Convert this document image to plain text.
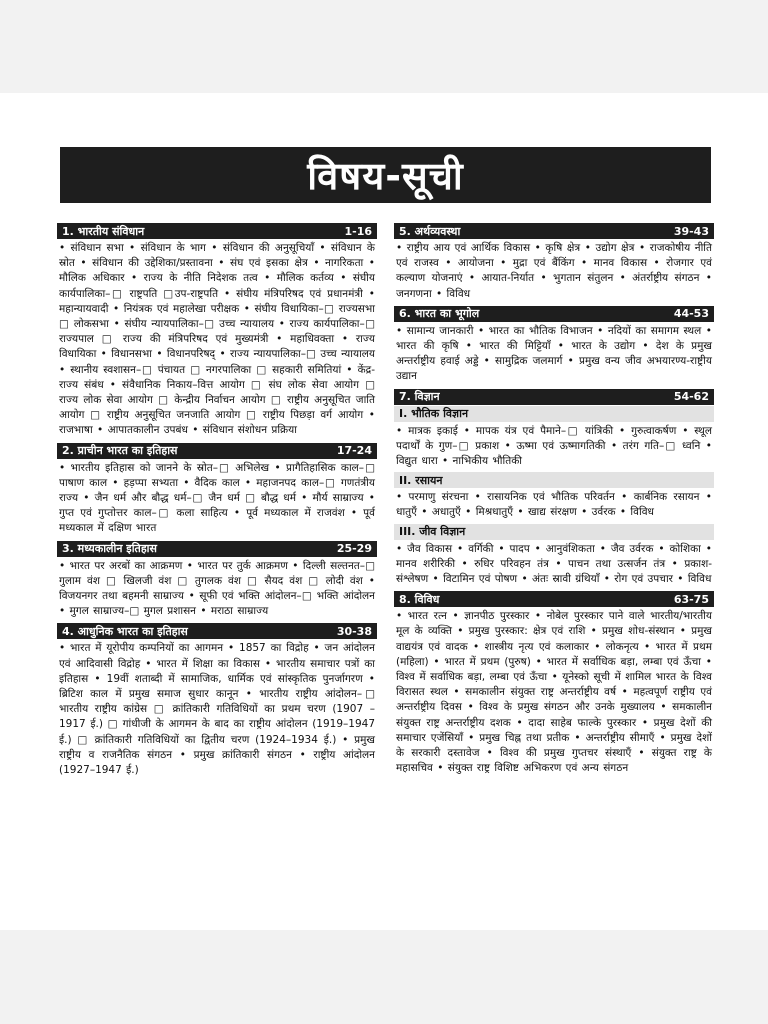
विषय-सूची
1. भारतीय संविधान	1-16

• संविधान सभा • संविधान के भाग • संविधान की अनुसूचियाँ • संविधान के स्रोत • संविधान की उद्देशिका/प्रस्तावना • संघ एवं इसका क्षेत्र • नागरिकता • मौलिक अधिकार • राज्य के नीति निदेशक तत्व • मौलिक कर्तव्य • संघीय कार्यपालिका–□ राष्ट्रपति □उप-राष्ट्रपति • संघीय मंत्रिपरिषद एवं प्रधानमंत्री • महान्यायवादी • नियंत्रक एवं महालेखा परीक्षक • संघीय विधायिका–□ राज्यसभा □ लोकसभा • संघीय न्यायपालिका–□ उच्च न्यायालय • राज्य कार्यपालिका–□ राज्यपाल □ राज्य की मंत्रिपरिषद एवं मुख्यमंत्री • महाधिवक्ता • राज्य विधायिका • विधानसभा • विधानपरिषद् • राज्य न्यायपालिका–□ उच्च न्यायालय • स्थानीय स्वशासन–□ पंचायत □ नगरपालिका □ सहकारी समितियां • केंद्र-राज्य संबंध • संवैधानिक निकाय–वित्त आयोग □ संघ लोक सेवा आयोग □ राज्य लोक सेवा आयोग □ केन्द्रीय निर्वाचन आयोग □ राष्ट्रीय अनुसूचित जाति आयोग □ राष्ट्रीय अनुसूचित जनजाति आयोग □ राष्ट्रीय पिछड़ा वर्ग आयोग • राजभाषा • आपातकालीन उपबंध • संविधान संशोधन प्रक्रिया

2. प्राचीन भारत का इतिहास	17-24

• भारतीय इतिहास को जानने के स्रोत–□ अभिलेख • प्रागैतिहासिक काल–□ पाषाण काल • हड़प्पा सभ्यता • वैदिक काल • महाजनपद काल–□ गणतंत्रीय राज्य • जैन धर्म और बौद्ध धर्म–□ जैन धर्म □ बौद्ध धर्म • मौर्य साम्राज्य • गुप्त एवं गुप्तोत्तर काल–□ कला साहित्य • पूर्व मध्यकाल में राजवंश • पूर्व मध्यकाल में दक्षिण भारत

3. मध्यकालीन इतिहास	25-29

• भारत पर अरबों का आक्रमण • भारत पर तुर्क आक्रमण • दिल्ली सल्तनत–□ गुलाम वंश □ खिलजी वंश □ तुगलक वंश □ सैयद वंश □ लोदी वंश • विजयनगर तथा बहमनी साम्राज्य • सूफी एवं भक्ति आंदोलन–□ भक्ति आंदोलन • मुगल साम्राज्य–□ मुगल प्रशासन • मराठा साम्राज्य

4. आधुनिक भारत का इतिहास	30-38

• भारत में यूरोपीय कम्पनियों का आगमन • 1857 का विद्रोह • जन आंदोलन एवं आदिवासी विद्रोह • भारत में शिक्षा का विकास • भारतीय समाचार पत्रों का इतिहास • 19वीं शताब्दी में सामाजिक, धार्मिक एवं सांस्कृतिक पुनर्जागरण • ब्रिटिश काल में प्रमुख समाज सुधार कानून • भारतीय राष्ट्रीय आंदोलन–□ भारतीय राष्ट्रीय कांग्रेस □ क्रांतिकारी गतिविधियों का प्रथम चरण (1907 –1917 ई.) □ गांधीजी के आगमन के बाद का राष्ट्रीय आंदोलन (1919–1947 ई.) □ क्रांतिकारी गतिविधियों का द्वितीय चरण (1924–1934 ई.) • प्रमुख राष्ट्रीय व राजनैतिक संगठन • प्रमुख क्रांतिकारी संगठन • राष्ट्रीय आंदोलन (1927–1947 ई.)

5. अर्थव्यवस्था	39-43

• राष्ट्रीय आय एवं आर्थिक विकास • कृषि क्षेत्र • उद्योग क्षेत्र • राजकोषीय नीति एवं राजस्व • आयोजना • मुद्रा एवं बैंकिंग • मानव विकास • रोजगार एवं कल्याण योजनाएं • आयात-निर्यात • भुगतान संतुलन • अंतर्राष्ट्रीय संगठन • जनगणना • विविध

6. भारत का भूगोल	44-53

• सामान्य जानकारी • भारत का भौतिक विभाजन • नदियों का समागम स्थल • भारत की कृषि • भारत की मिट्टियाँ • भारत के उद्योग • देश के प्रमुख अन्तर्राष्ट्रीय हवाई अड्डे • सामुद्रिक जलमार्ग • प्रमुख वन्य जीव अभयारण्य-राष्ट्रीय उद्यान

7. विज्ञान	54-62
I. भौतिक विज्ञान

• मात्रक इकाई • मापक यंत्र एवं पैमाने–□ यांत्रिकी • गुरुत्वाकर्षण • स्थूल पदार्थों के गुण–□ प्रकाश • ऊष्मा एवं ऊष्मागतिकी • तरंग गति–□ ध्वनि • विद्युत धारा • नाभिकीय भौतिकी

II. रसायन

• परमाणु संरचना • रासायनिक एवं भौतिक परिवर्तन • कार्बनिक रसायन • धातुएँ • अधातुएँ • मिश्रधातुएँ • खाद्य संरक्षण • उर्वरक • विविध

III. जीव विज्ञान

• जैव विकास • वर्गिकी • पादप • आनुवंशिकता • जैव उर्वरक • कोशिका • मानव शरीरिकी • रुधिर परिवहन तंत्र • पाचन तथा उत्सर्जन तंत्र • प्रकाश- संश्लेषण • विटामिन एवं पोषण • अंतः स्रावी ग्रंथियाँ • रोग एवं उपचार • विविध

8. विविध	63-75

• भारत रत्न • ज्ञानपीठ पुरस्कार • नोबेल पुरस्कार पाने वाले भारतीय/भारतीय मूल के व्यक्ति • प्रमुख पुरस्कार: क्षेत्र एवं राशि • प्रमुख शोध-संस्थान • प्रमुख वाद्ययंत्र एवं वादक • शास्त्रीय नृत्य एवं कलाकार • लोकनृत्य • भारत में प्रथम (महिला) • भारत में प्रथम (पुरुष) • भारत में सर्वाधिक बड़ा, लम्बा एवं ऊँचा • विश्व में सर्वाधिक बड़ा, लम्बा एवं ऊँचा • यूनेस्को सूची में शामिल भारत के विश्व विरासत स्थल • समकालीन संयुक्त राष्ट्र अन्तर्राष्ट्रीय वर्ष • महत्वपूर्ण राष्ट्रीय एवं अन्तर्राष्ट्रीय दिवस • विश्व के प्रमुख संगठन और उनके मुख्यालय • समकालीन संयुक्त राष्ट्र अन्तर्राष्ट्रीय दशक • दादा साहेब फाल्के पुरस्कार • प्रमुख देशों की समाचार एजेंसियाँ • प्रमुख चिह्न तथा प्रतीक • अन्तर्राष्ट्रीय सीमाएँ • प्रमुख देशों के सरकारी दस्तावेज • विश्व की प्रमुख गुप्तचर संस्थाएँ • संयुक्त राष्ट्र के महासचिव • संयुक्त राष्ट्र विशिष्ट अभिकरण एवं अन्य संगठन
